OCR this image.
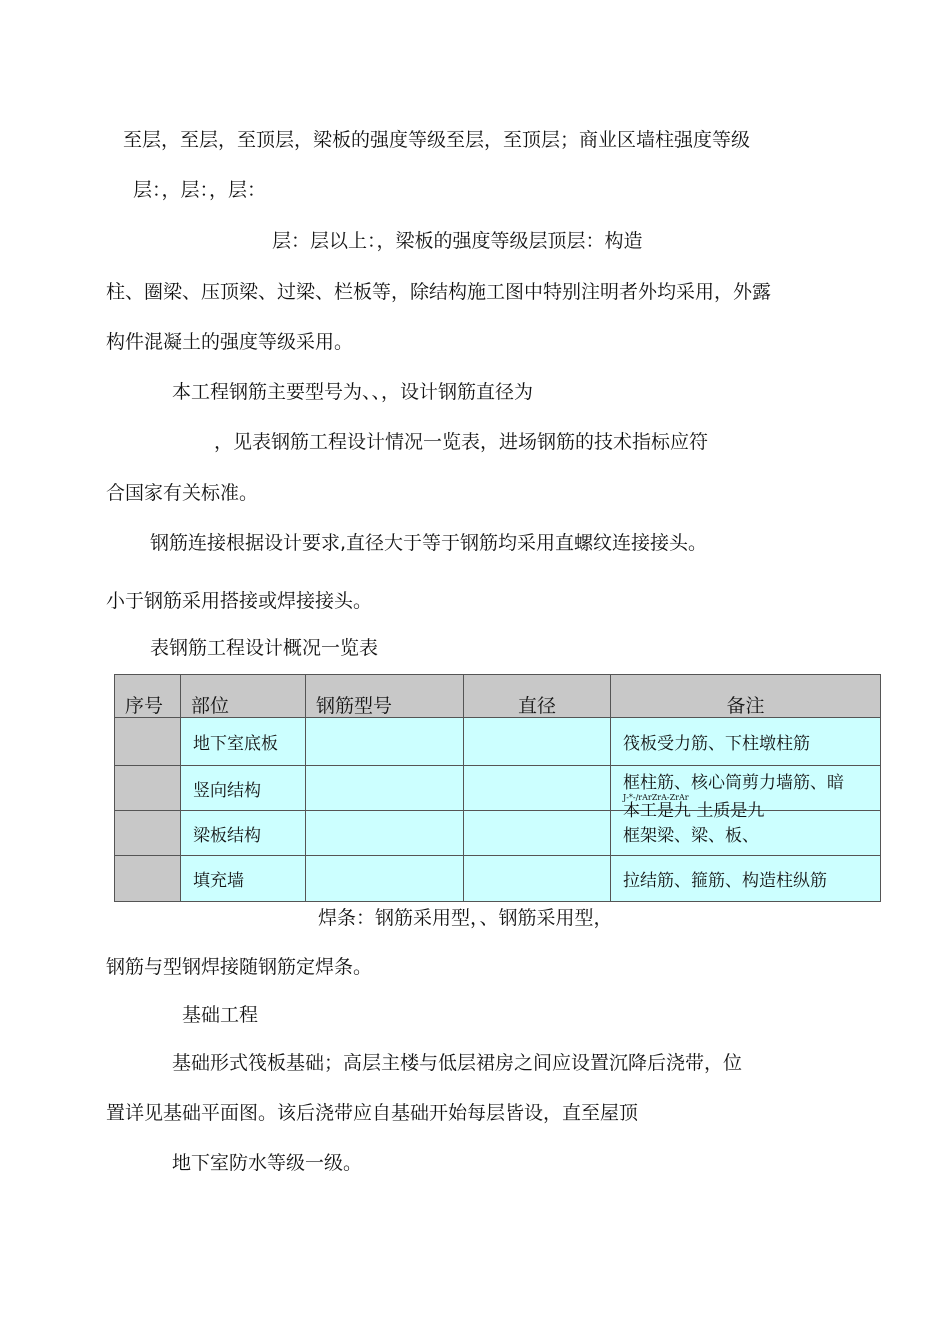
至层，至层，至顶层，梁板的强度等级至层，至顶层；商业区墙柱强度等级
层：，层：，层：
层：层以上：，梁板的强度等级层顶层：构造
柱、圈梁、压顶梁、过梁、栏板等，除结构施工图中特别注明者外均采用，外露
构件混凝土的强度等级采用。
本工程钢筋主要型号为、、，设计钢筋直径为
，见表钢筋工程设计情况一览表，进场钢筋的技术指标应符
合国家有关标准。
钢筋连接根据设计要求,直径大于等于钢筋均采用直螺纹连接接头。
小于钢筋采用搭接或焊接接头。
表钢筋工程设计概况一览表
序号	部位	钢筋型号	直径	备注
	地下室底板			筏板受力筋、下柱墩柱筋
	竖向结构			框柱筋、核心筒剪力墙筋、暗
J-*-/rArZrA-ZrAr

	梁板结构			框架梁、梁、板、
	填充墙			拉结筋、箍筋、构造柱纵筋
焊条：钢筋采用型，、钢筋采用型，
钢筋与型钢焊接随钢筋定焊条。
基础工程
基础形式筏板基础；高层主楼与低层裙房之间应设置沉降后浇带，位
置详见基础平面图。该后浇带应自基础开始每层皆设，直至屋顶
地下室防水等级一级。
